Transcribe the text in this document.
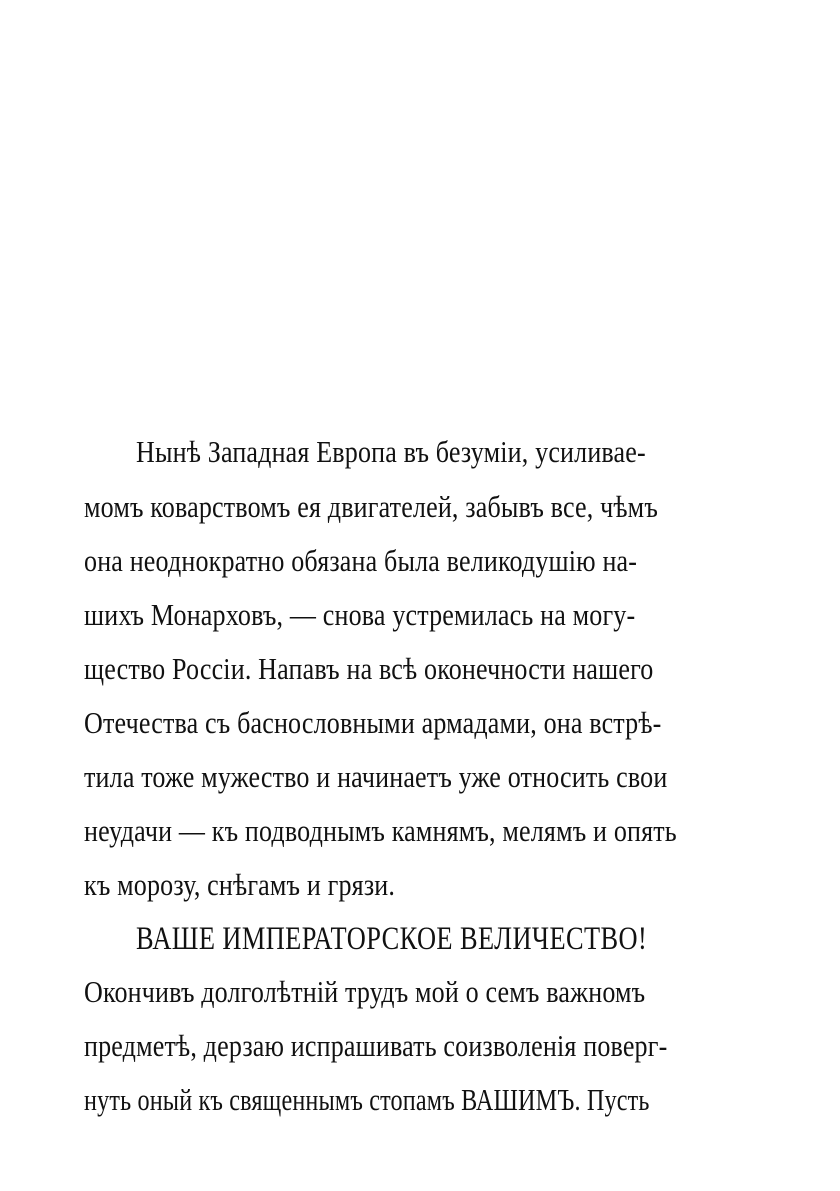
Нынѣ Западная Европа въ безуміи, усиливае-
момъ коварствомъ ея двигателей, забывъ все, чѣмъ
она неоднократно обязана была великодушію на-
шихъ Монарховъ, — снова устремилась на могу-
щество Россіи. Напавъ на всѣ оконечности нашего
Отечества съ баснословными армадами, она встрѣ-
тила тоже мужество и начинаетъ уже относить свои
неудачи — къ подводнымъ камнямъ, мелямъ и опять
къ морозу, снѣгамъ и грязи.
ВАШЕ ИМПЕРАТОРСКОЕ ВЕЛИЧЕСТВО!
Окончивъ долголѣтній трудъ мой о семъ важномъ
предметѣ, дерзаю испрашивать соизволенія поверг-
нуть оный къ священнымъ стопамъ ВАШИМЪ. Пусть
